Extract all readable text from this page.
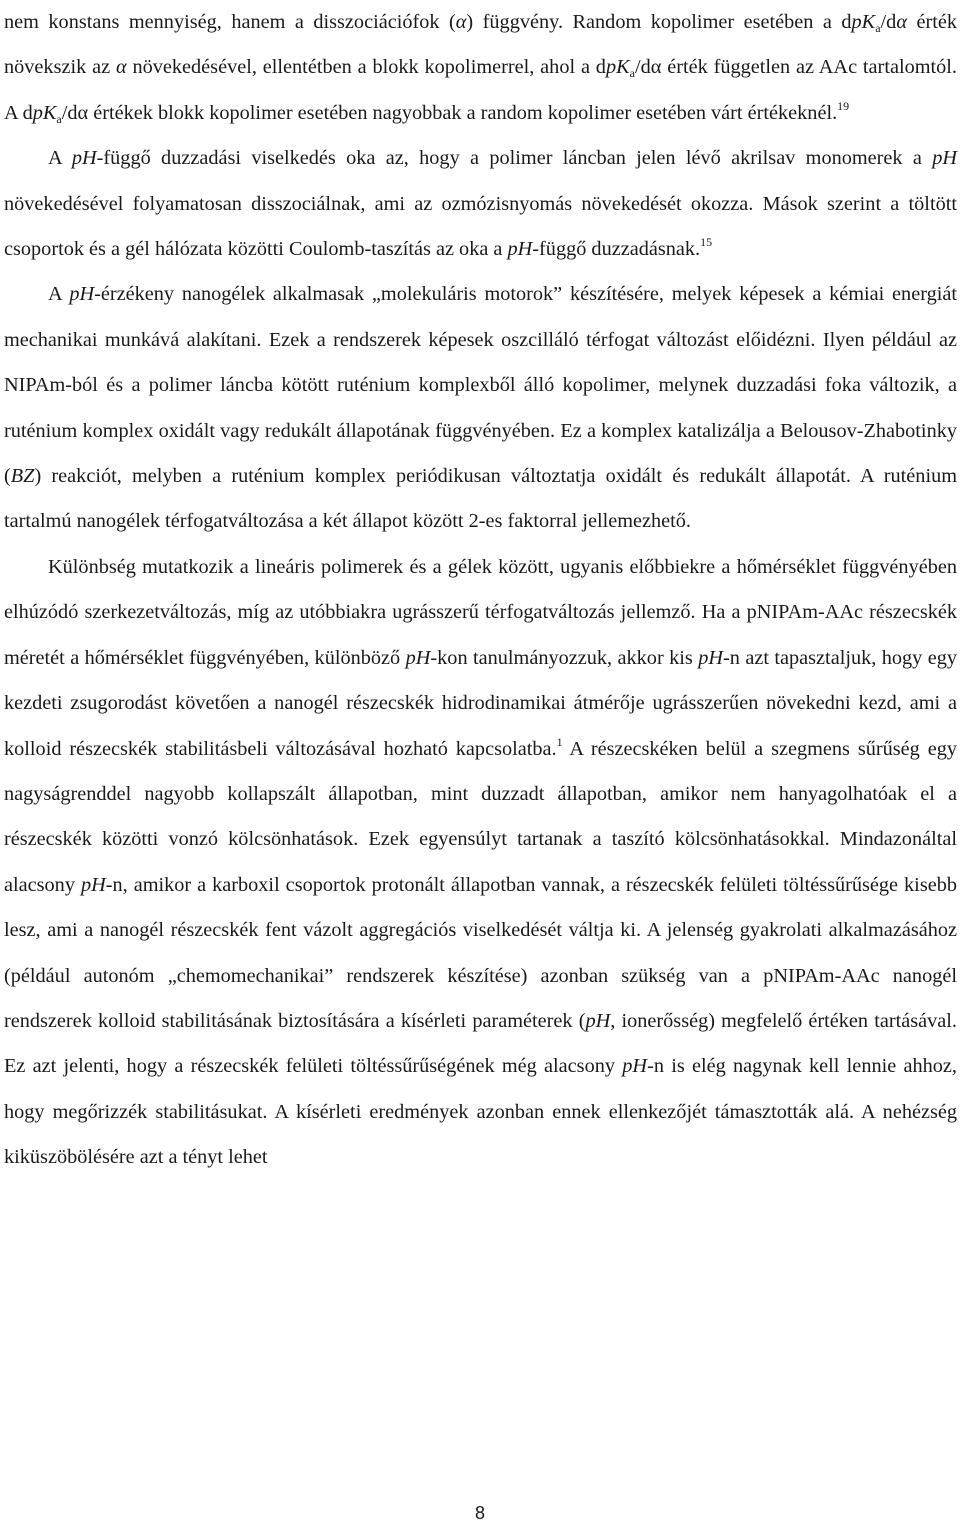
nem konstans mennyiség, hanem a disszociációfok (α) függvény. Random kopolimer esetében a dpK$_a$/dα érték növekszik az α növekedésével, ellentétben a blokk kopolimerrel, ahol a dpK$_a$/dα érték független az AAc tartalomtól. A dpK$_a$/dα értékek blokk kopolimer esetében nagyobbak a random kopolimer esetében várt értékeknél.$^{19}$

A pH-függő duzzadási viselkedés oka az, hogy a polimer láncban jelen lévő akrilsav monomerek a pH növekedésével folyamatosan disszociálnak, ami az ozmózisnyomás növekedését okozza. Mások szerint a töltött csoportok és a gél hálózata közötti Coulomb-taszítás az oka a pH-függő duzzadásnak.$^{15}$

A pH-érzékeny nanogélek alkalmasak „molekuláris motorok” készítésére, melyek képesek a kémiai energiát mechanikai munkává alakítani. Ezek a rendszerek képesek oszcilláló térfogat változást előidézni. Ilyen például az NIPAm-ból és a polimer láncba kötött ruténium komplexből álló kopolimer, melynek duzzadási foka változik, a ruténium komplex oxidált vagy redukált állapotának függvényében. Ez a komplex katalizálja a Belousov-Zhabotinky (BZ) reakciót, melyben a ruténium komplex periódikusan változtatja oxidált és redukált állapotát. A ruténium tartalmú nanogélek térfogatváltozása a két állapot között 2-es faktorral jellemezhető.

Különbség mutatkozik a lineáris polimerek és a gélek között, ugyanis előbbiekre a hőmérséklet függvényében elhúzódó szerkezetváltozás, míg az utóbbiakra ugrásszerű térfogatváltozás jellemző. Ha a pNIPAm-AAc részecskék méretét a hőmérséklet függvényében, különböző pH-kon tanulmányozzuk, akkor kis pH-n azt tapasztaljuk, hogy egy kezdeti zsugorodást követően a nanogél részecskék hidrodinamikai átmérője ugrásszerűen növekedni kezd, ami a kolloid részecskék stabilitásbeli változásával hozható kapcsolatba.$^1$ A részecskéken belül a szegmens sűrűség egy nagyságrenddel nagyobb kollapszált állapotban, mint duzzadt állapotban, amikor nem hanyagolhatóak el a részecskék közötti vonzó kölcsönhatások. Ezek egyensúlyt tartanak a taszító kölcsönhatásokkal. Mindazonáltal alacsony pH-n, amikor a karboxil csoportok protonált állapotban vannak, a részecskék felületi töltéssűrűsége kisebb lesz, ami a nanogél részecskék fent vázolt aggregációs viselkedését váltja ki. A jelenség gyakrolati alkalmazásához (például autonóm „chemomechanikai” rendszerek készítése) azonban szükség van a pNIPAm-AAc nanogél rendszerek kolloid stabilitásának biztosítására a kísérleti paraméterek (pH, ionerősség) megfelelő értéken tartásával. Ez azt jelenti, hogy a részecskék felületi töltéssűrűségének még alacsony pH-n is elég nagynak kell lennie ahhoz, hogy megőrizzék stabilitásukat. A kísérleti eredmények azonban ennek ellenkezőjét támasztották alá. A nehézség kiküszöbölésére azt a tényt lehet

8
